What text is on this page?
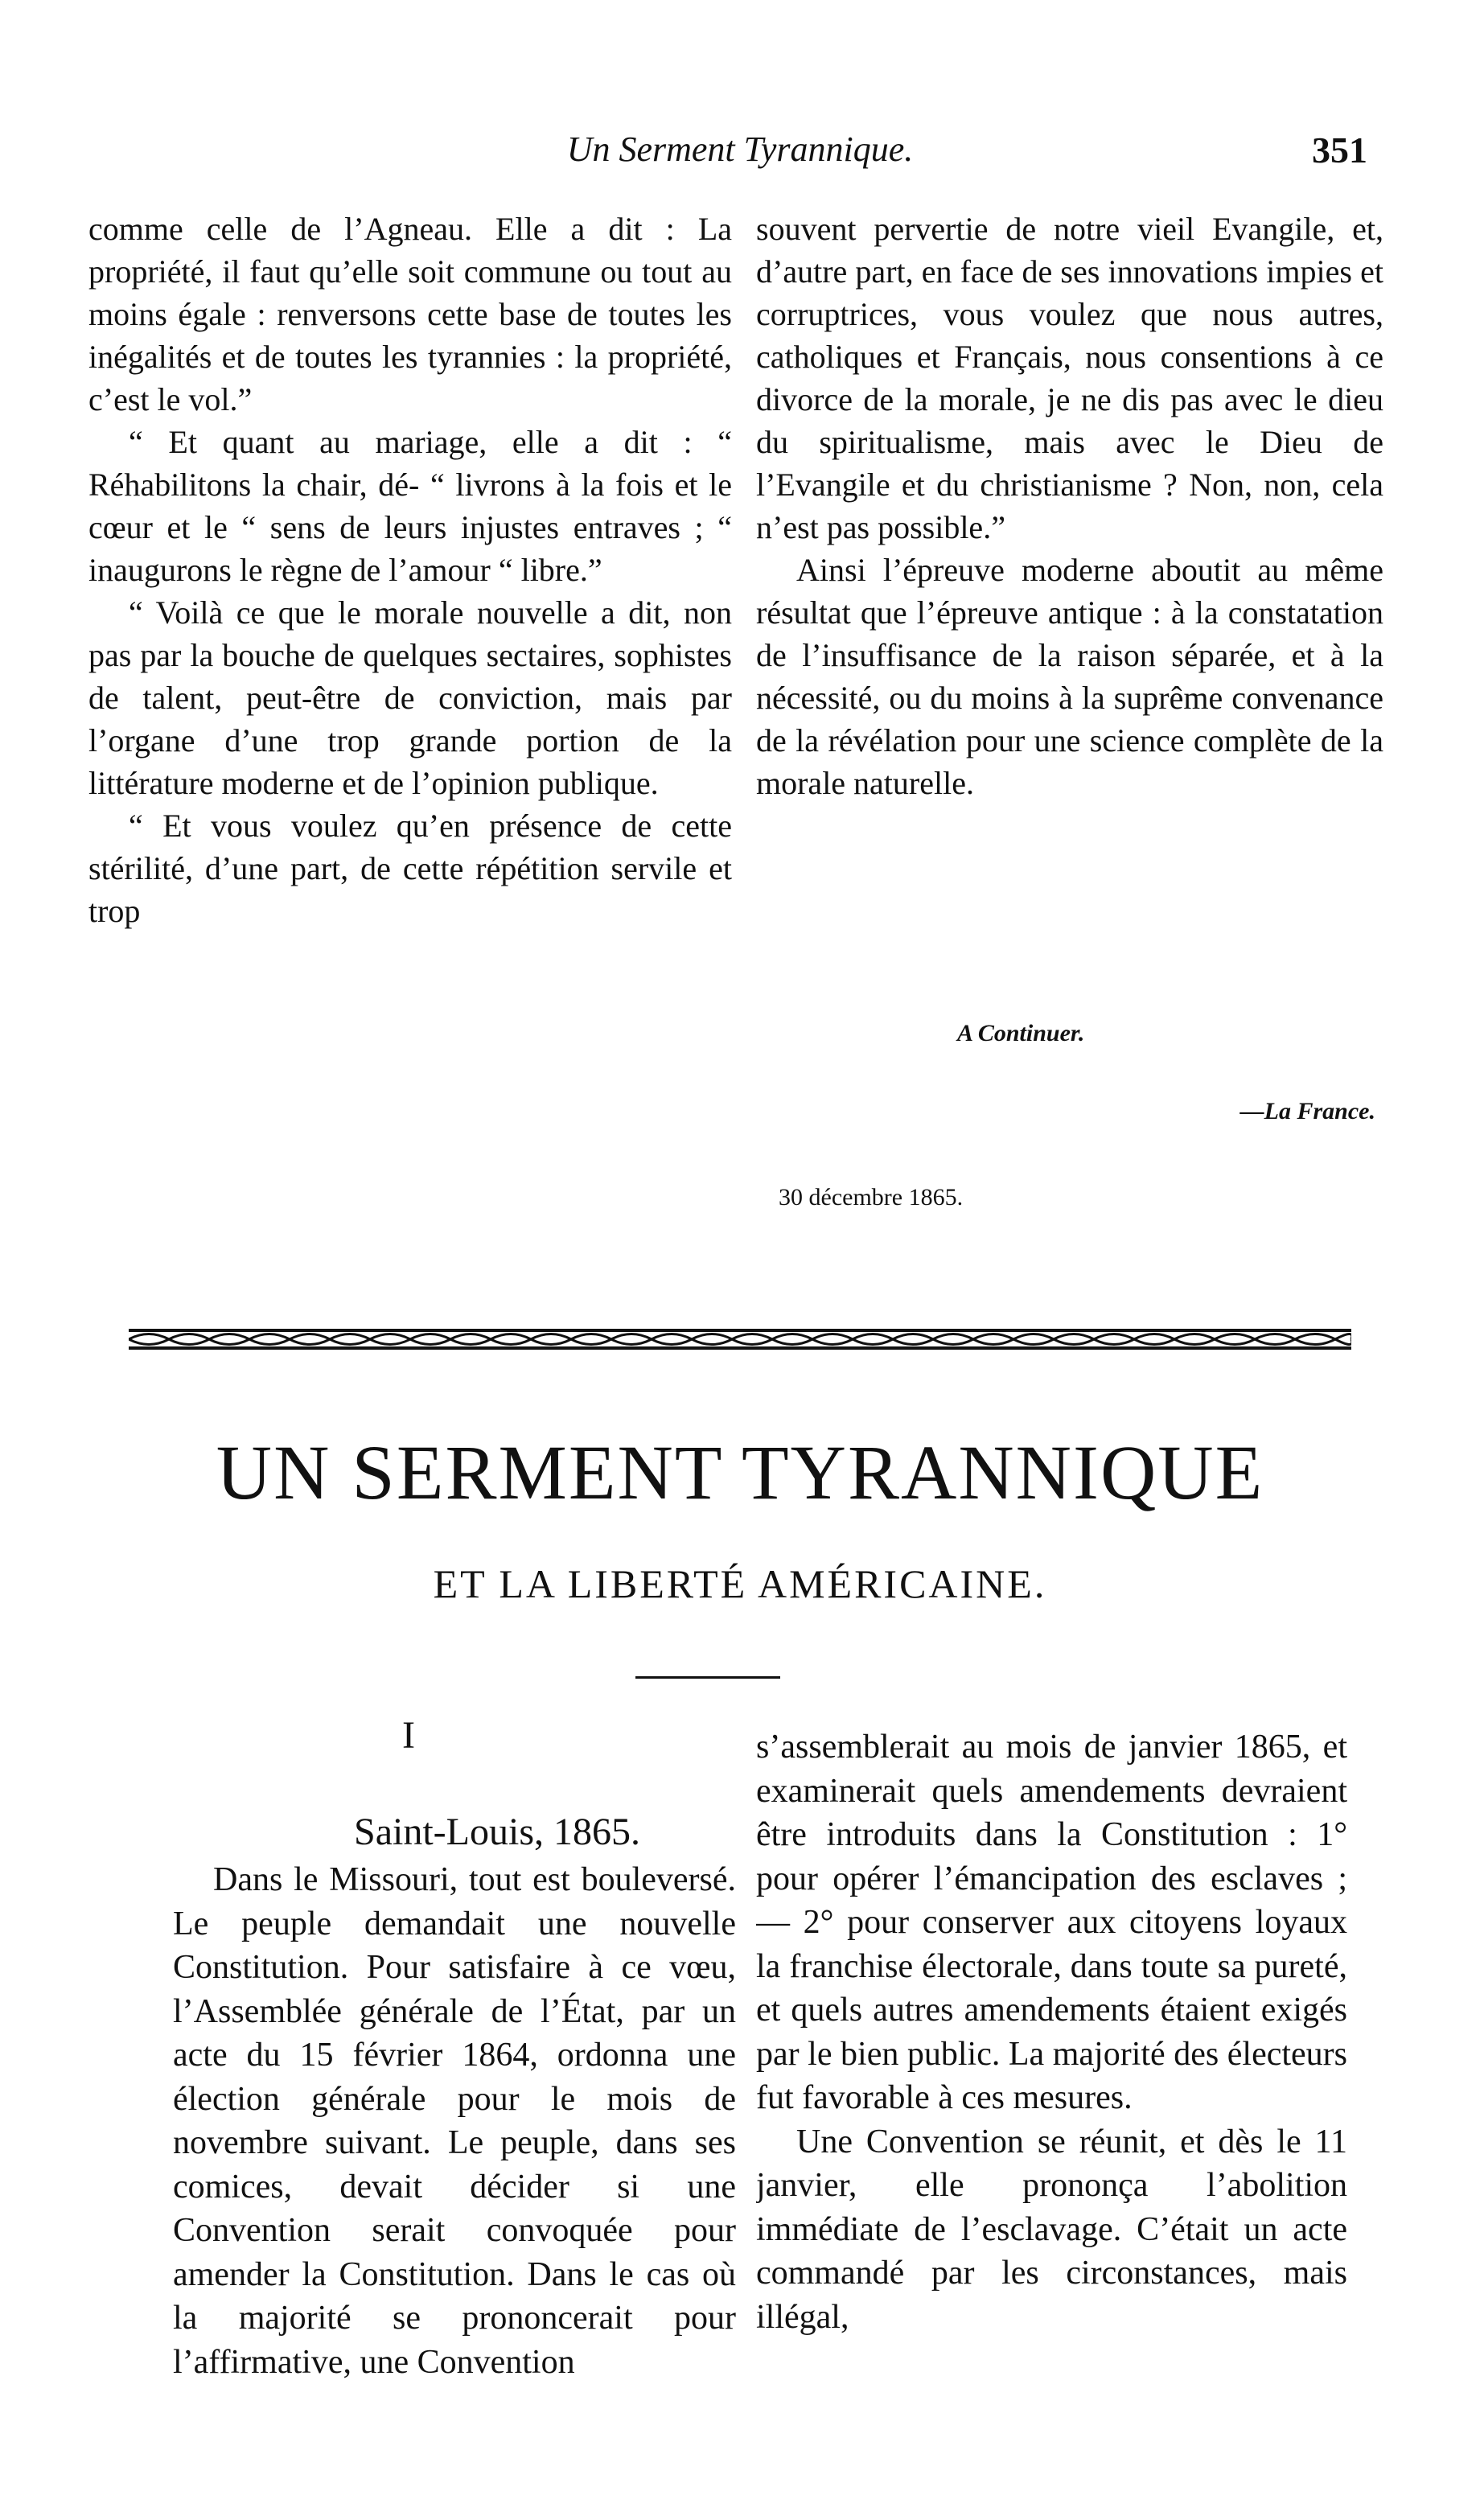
Un Serment Tyrannique.	351

comme celle de l’Agneau. Elle a dit : La propriété, il faut qu’elle soit commune ou tout au moins égale : renversons cette base de toutes les inégalités et de toutes les tyrannies : la propriété, c’est le vol.”

“ Et quant au mariage, elle a dit : “ Réhabilitons la chair, dé- “ livrons à la fois et le cœur et le “ sens de leurs injustes entraves ; “ inaugurons le règne de l’amour “ libre.”

“ Voilà ce que le morale nouvelle a dit, non pas par la bouche de quelques sectaires, sophistes de talent, peut-être de conviction, mais par l’organe d’une trop grande portion de la littérature moderne et de l’opinion publique.

“ Et vous voulez qu’en présence de cette stérilité, d’une part, de cette répétition servile et trop

souvent pervertie de notre vieil Evangile, et, d’autre part, en face de ses innovations impies et corruptrices, vous voulez que nous autres, catholiques et Français, nous consentions à ce divorce de la morale, je ne dis pas avec le dieu du spiritualisme, mais avec le Dieu de l’Evangile et du christianisme ? Non, non, cela n’est pas possible.”

Ainsi l’épreuve moderne aboutit au même résultat que l’épreuve antique : à la constatation de l’insuffisance de la raison séparée, et à la nécessité, ou du moins à la suprême convenance de la révélation pour une science complète de la morale naturelle.

A Continuer.
—La France.
30 décembre 1865.
UN SERMENT TYRANNIQUE
ET LA LIBERTÉ AMÉRICAINE.
I
Saint-Louis, 1865.

Dans le Missouri, tout est bouleversé. Le peuple demandait une nouvelle Constitution. Pour satisfaire à ce vœu, l’Assemblée générale de l’État, par un acte du 15 février 1864, ordonna une élection générale pour le mois de novembre suivant. Le peuple, dans ses comices, devait décider si une Convention serait convoquée pour amender la Constitution. Dans le cas où la majorité se prononcerait pour l’affirmative, une Convention

s’assemblerait au mois de janvier 1865, et examinerait quels amendements devraient être introduits dans la Constitution : 1° pour opérer l’émancipation des esclaves ;— 2° pour conserver aux citoyens loyaux la franchise électorale, dans toute sa pureté, et quels autres amendements étaient exigés par le bien public. La majorité des électeurs fut favorable à ces mesures.

Une Convention se réunit, et dès le 11 janvier, elle prononça l’abolition immédiate de l’esclavage. C’était un acte commandé par les circonstances, mais illégal,
